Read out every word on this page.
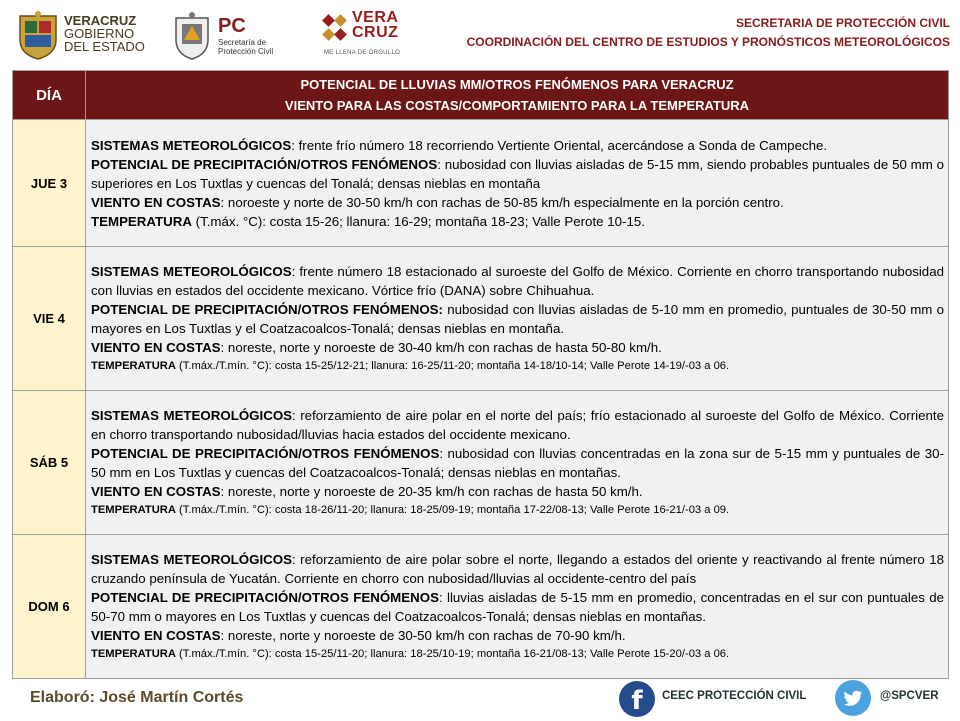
VERACRUZ
GOBIERNO
DEL ESTADO
PC
Secretaría de
Protección Civil
VERA
CRUZ
ME LLENA DE ORGULLO
SECRETARIA DE PROTECCIÓN CIVIL
COORDINACIÓN DEL CENTRO DE ESTUDIOS Y PRONÓSTICOS METEOROLÓGICOS
DÍA	POTENCIAL DE LLUVIAS MM/OTROS FENÓMENOS PARA VERACRUZ
VIENTO PARA LAS COSTAS/COMPORTAMIENTO PARA LA TEMPERATURA

JUE 3	SISTEMAS METEOROLÓGICOS: frente frío número 18 recorriendo Vertiente Oriental, acercándose a Sonda de Campeche.

POTENCIAL DE PRECIPITACIÓN/OTROS FENÓMENOS: nubosidad con lluvias aisladas de 5-15 mm, siendo probables puntuales de 50 mm o superiores en Los Tuxtlas y cuencas del Tonalá; densas nieblas en montaña

VIENTO EN COSTAS: noroeste y norte de 30-50 km/h con rachas de 50-85 km/h especialmente en la porción centro.

TEMPERATURA (T.máx. °C): costa 15-26; llanura: 16-29; montaña 18-23; Valle Perote 10-15.

VIE 4	SISTEMAS METEOROLÓGICOS: frente número 18 estacionado al suroeste del Golfo de México. Corriente en chorro transportando nubosidad con lluvias en estados del occidente mexicano. Vórtice frío (DANA) sobre Chihuahua.

POTENCIAL DE PRECIPITACIÓN/OTROS FENÓMENOS: nubosidad con lluvias aisladas de 5-10 mm en promedio, puntuales de 30-50 mm o mayores en Los Tuxtlas y el Coatzacoalcos-Tonalá; densas nieblas en montaña.

VIENTO EN COSTAS: noreste, norte y noroeste de 30-40 km/h con rachas de hasta 50-80 km/h.

TEMPERATURA (T.máx./T.mín. °C): costa 15-25/12-21; llanura: 16-25/11-20; montaña 14-18/10-14; Valle Perote 14-19/-03 a 06.

SÁB 5	SISTEMAS METEOROLÓGICOS: reforzamiento de aire polar en el norte del país; frío estacionado al suroeste del Golfo de México. Corriente en chorro transportando nubosidad/lluvias hacia estados del occidente mexicano.

POTENCIAL DE PRECIPITACIÓN/OTROS FENÓMENOS: nubosidad con lluvias concentradas en la zona sur de 5-15 mm y puntuales de 30-50 mm en Los Tuxtlas y cuencas del Coatzacoalcos-Tonalá; densas nieblas en montañas.

VIENTO EN COSTAS: noreste, norte y noroeste de 20-35 km/h con rachas de hasta 50 km/h.

TEMPERATURA (T.máx./T.mín. °C): costa 18-26/11-20; llanura: 18-25/09-19; montaña 17-22/08-13; Valle Perote 16-21/-03 a 09.

DOM 6	SISTEMAS METEOROLÓGICOS: reforzamiento de aire polar sobre el norte, llegando a estados del oriente y reactivando al frente número 18 cruzando península de Yucatán. Corriente en chorro con nubosidad/lluvias al occidente-centro del país

POTENCIAL DE PRECIPITACIÓN/OTROS FENÓMENOS: lluvias aisladas de 5-15 mm en promedio, concentradas en el sur con puntuales de 50-70 mm o mayores en Los Tuxtlas y cuencas del Coatzacoalcos-Tonalá; densas nieblas en montañas.

VIENTO EN COSTAS: noreste, norte y noroeste de 30-50 km/h con rachas de 70-90 km/h.

TEMPERATURA (T.máx./T.mín. °C): costa 15-25/11-20; llanura: 18-25/10-19; montaña 16-21/08-13; Valle Perote 15-20/-03 a 06.

Elaboró: José Martín Cortés	f	CEEC PROTECCIÓN CIVIL	@SPCVER
